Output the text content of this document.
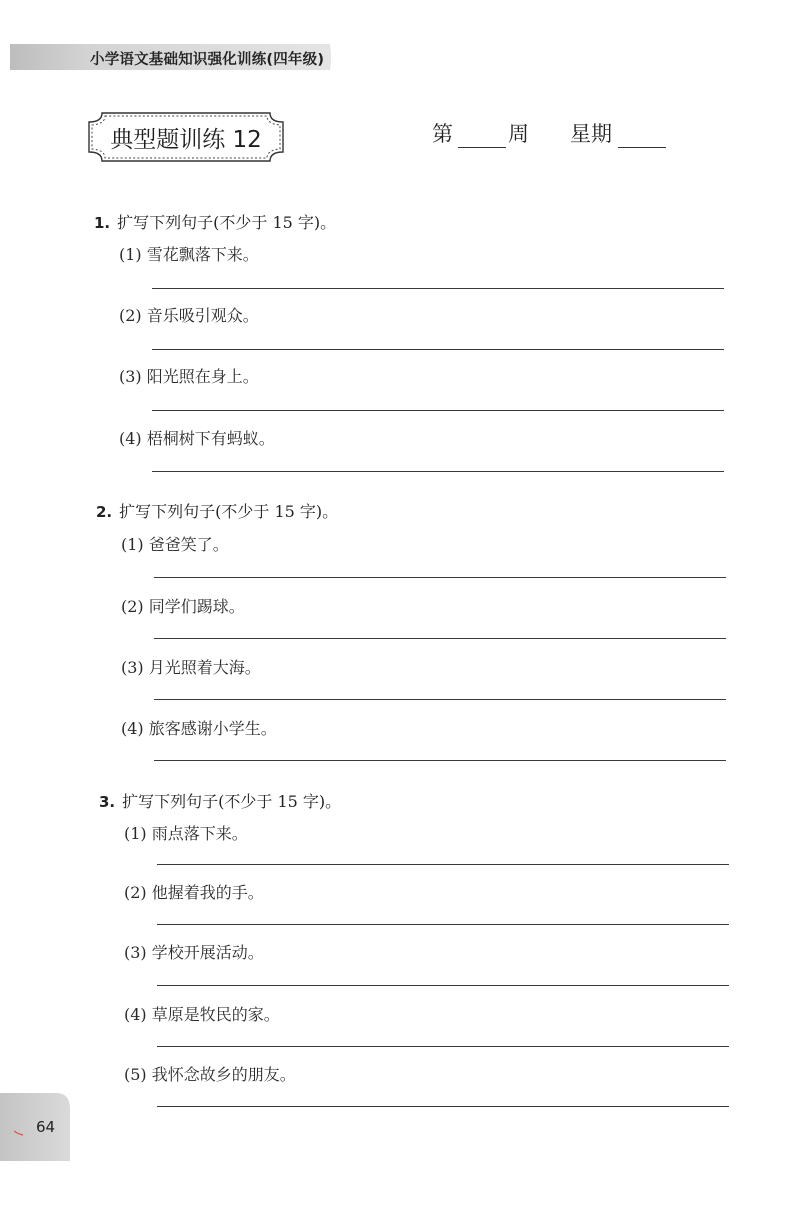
小学语文基础知识强化训练(四年级)
典型题训练 12	第	周 星期
1. 扩写下列句子(不少于 15 字)。
(1) 雪花飘落下来。
(2) 音乐吸引观众。
(3) 阳光照在身上。
(4) 梧桐树下有蚂蚁。
2. 扩写下列句子(不少于 15 字)。
(1) 爸爸笑了。
(2) 同学们踢球。
(3) 月光照着大海。
(4) 旅客感谢小学生。
3. 扩写下列句子(不少于 15 字)。
(1) 雨点落下来。
(2) 他握着我的手。
(3) 学校开展活动。
(4) 草原是牧民的家。
(5) 我怀念故乡的朋友。
64
